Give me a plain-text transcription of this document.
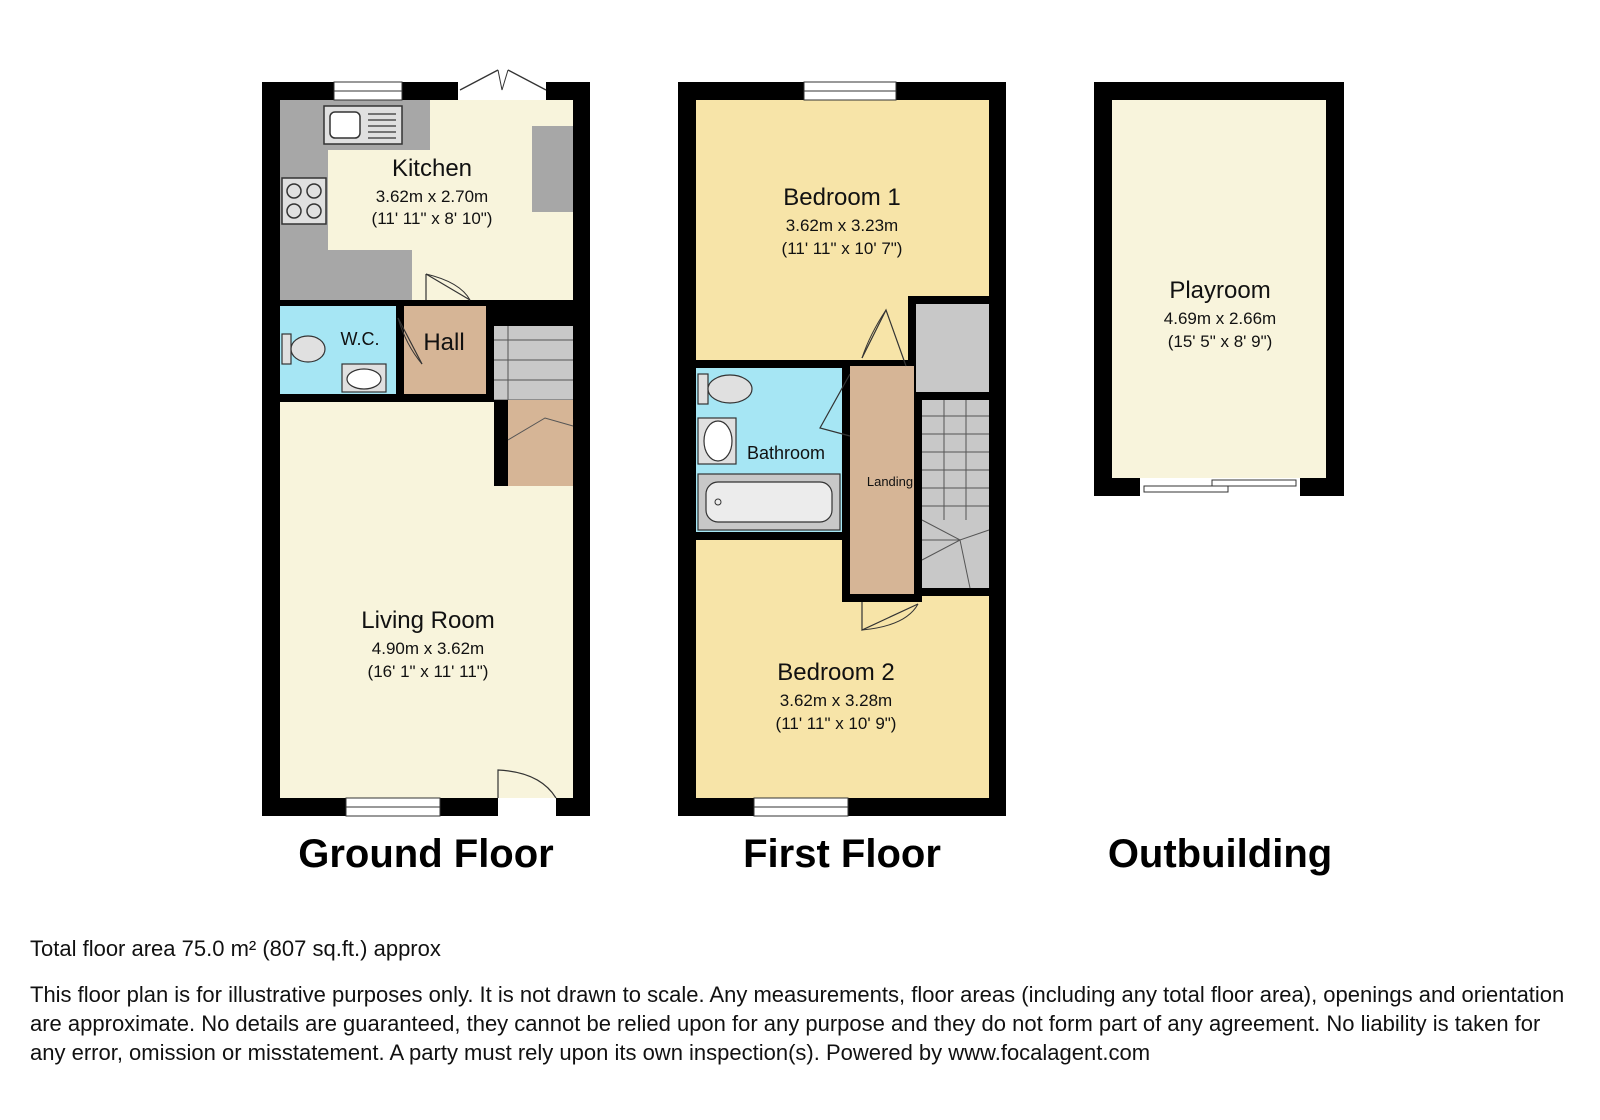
Kitchen
3.62m x 2.70m
(11' 11" x 8' 10")
W.C. Hall
Living Room
4.90m x 3.62m
(16' 1" x 11' 11")
Bedroom 1
3.62m x 3.23m
(11' 11" x 10' 7")
Bathroom
Landing
Bedroom 2
3.62m x 3.28m
(11' 11" x 10' 9")
Playroom
4.69m x 2.66m
(15' 5" x 8' 9")
Ground Floor	First Floor	Outbuilding
Total floor area 75.0 m² (807 sq.ft.) approx
This floor plan is for illustrative purposes only. It is not drawn to scale. Any measurements, floor areas (including any total floor area), openings and orientation are approximate. No details are guaranteed, they cannot be relied upon for any purpose and they do not form part of any agreement. No liability is taken for any error, omission or misstatement. A party must rely upon its own inspection(s). Powered by www.focalagent.com
